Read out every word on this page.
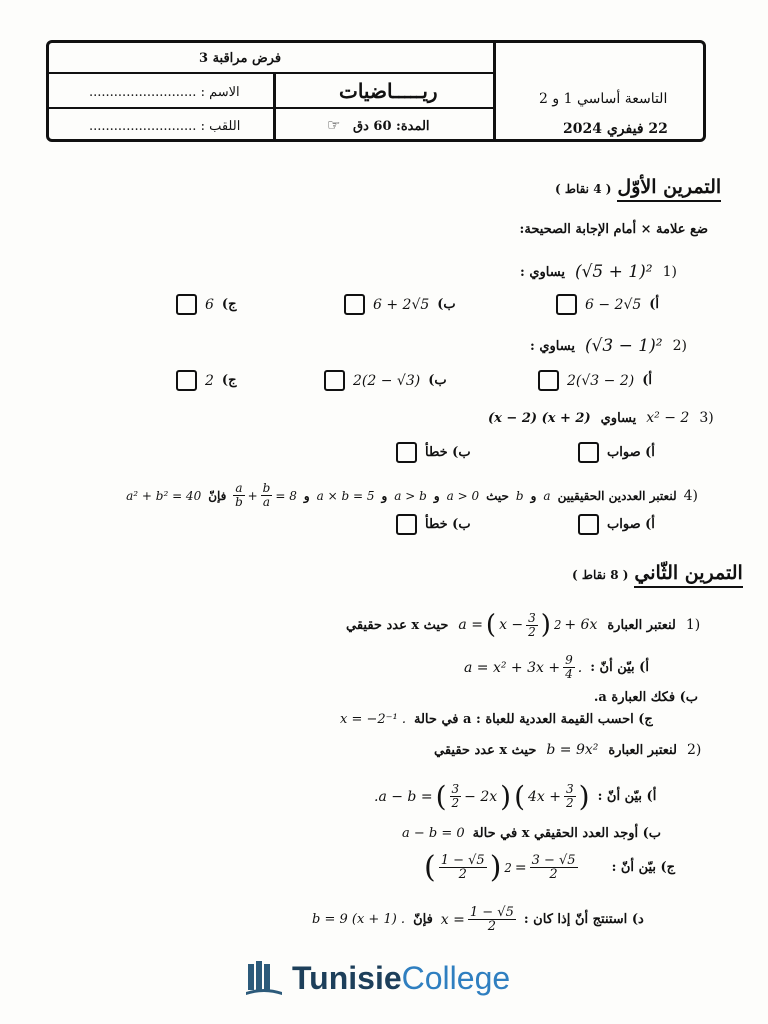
فرض مراقبة 3
ريـــــاضيات
الاسم : ..........................
اللقب : ..........................	المدة: 60 دق
☞
التاسعة أساسي 1 و 2
22 فيفري 2024
التمرين الأوّل
( 4 نقاط )
ضع علامة × أمام الإجابة الصحيحة:
يساوي : (√5 + 1)² 1)
6 − 2√5 أ)
6 + 2√5 ب)
6 ج)
يساوي : (√3 − 1)² 2)
2(√3 − 2) أ)
2(2 − √3) ب)
2 ج)
(x − 2) (x + 2) يساوي x² − 2 3)
أ) صواب
ب) خطأ
4)
لنعتبر العددين الحقيقيين
a
و
b
حيث
a > 0
و
a > b
و
a × b = 5
و
$\frac{a}{b} + \frac{b}{a} = 8$
فإنّ
a² + b² = 40
أ) صواب
ب) خطأ
التمرين الثّاني
( 8 نقاط )
حيث x عدد حقيقي a = ( $x - \frac{3}{2}$ ) 2 + 6x لنعتبر العبارة 1)
$a = x^2 + 3x + \frac{9}{4}$ . أ) بيّن أنّ :
ب) فكك العبارة a.
x = −2⁻¹ . ج) احسب القيمة العددية للعباة : a في حالة
حيث x عدد حقيقي b = 9x² لنعتبر العبارة 2)
.a − b = ( $\frac{3}{2} - 2x$ ) ( $4x + \frac{3}{2}$ ) أ) بيّن أنّ :
a − b = 0 ب) أوجد العدد الحقيقي x في حالة
( $\frac{1 - √5}{2}$ ) $2 = \frac{3 - √5}{2}$	ج) بيّن أنّ :
b = 9 (x + 1) . فإنّ $x = \frac{1 - √5}{2}$ د) استنتج أنّ إذا كان :
Tunisie College
